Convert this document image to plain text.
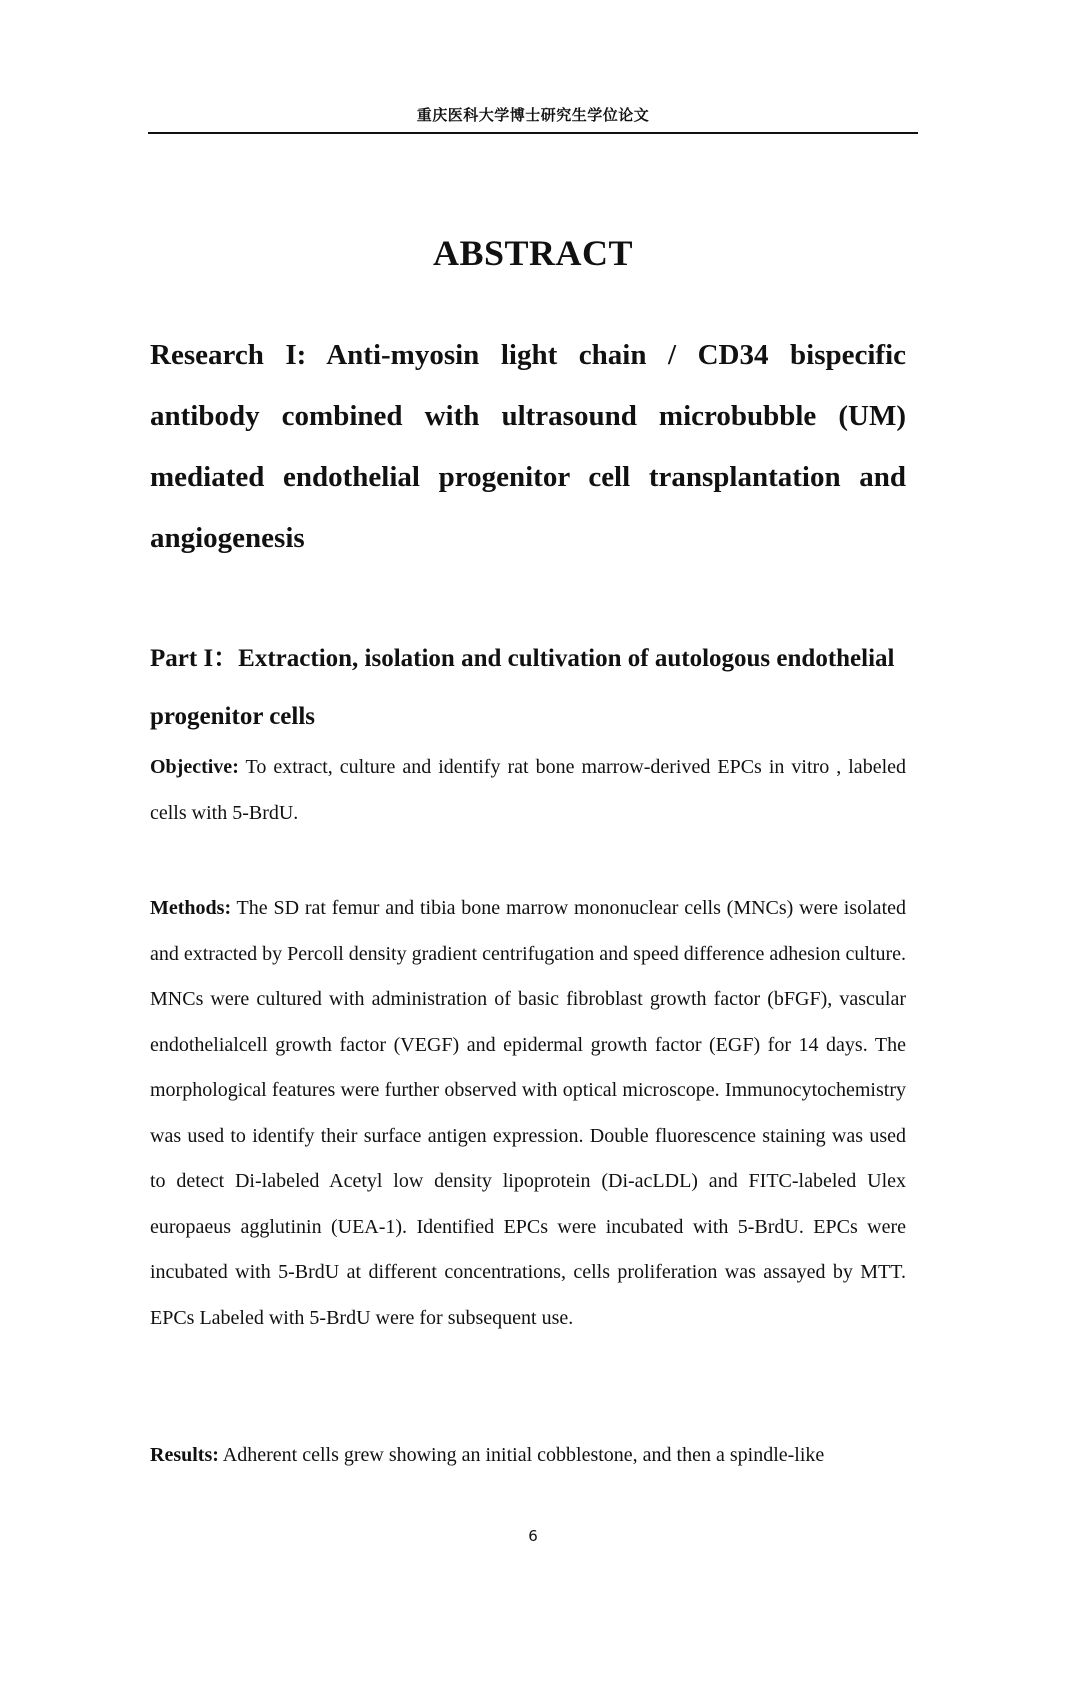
重庆医科大学博士研究生学位论文
ABSTRACT
Research I: Anti-myosin light chain / CD34 bispecific antibody combined with ultrasound microbubble (UM) mediated endothelial progenitor cell transplantation and angiogenesis
Part I：Extraction, isolation and cultivation of autologous endothelial progenitor cells
Objective: To extract, culture and identify rat bone marrow-derived EPCs in vitro , labeled cells with 5-BrdU.
Methods: The SD rat femur and tibia bone marrow mononuclear cells (MNCs) were isolated and extracted by Percoll density gradient centrifugation and speed difference adhesion culture. MNCs were cultured with administration of basic fibroblast growth factor (bFGF), vascular endothelialcell growth factor (VEGF) and epidermal growth factor (EGF) for 14 days. The morphological features were further observed with optical microscope. Immunocytochemistry was used to identify their surface antigen expression. Double fluorescence staining was used to detect Di-labeled Acetyl low density lipoprotein (Di-acLDL) and FITC-labeled Ulex europaeus agglutinin (UEA-1). Identified EPCs were incubated with 5-BrdU. EPCs were incubated with 5-BrdU at different concentrations, cells proliferation was assayed by MTT. EPCs Labeled with 5-BrdU were for subsequent use.
Results: Adherent cells grew showing an initial cobblestone, and then a spindle-like
6
